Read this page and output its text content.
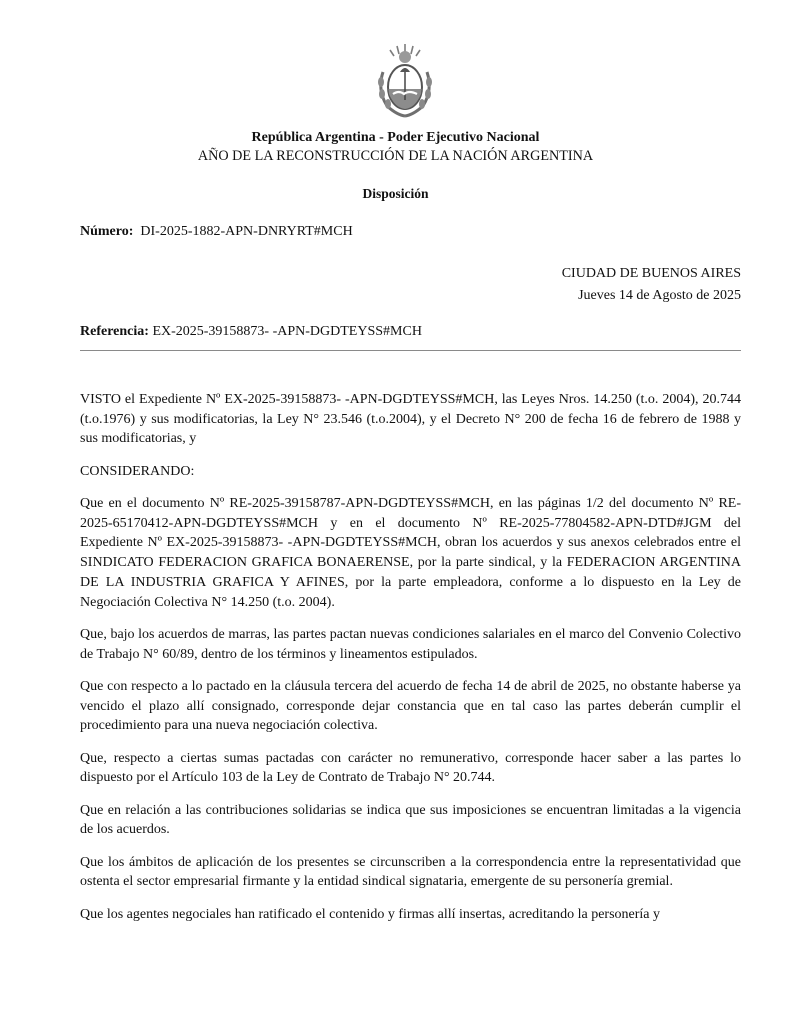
República Argentina - Poder Ejecutivo Nacional
AÑO DE LA RECONSTRUCCIÓN DE LA NACIÓN ARGENTINA
Disposición
Número: DI-2025-1882-APN-DNRYRT#MCH
CIUDAD DE BUENOS AIRES
Jueves 14 de Agosto de 2025
Referencia: EX-2025-39158873- -APN-DGDTEYSS#MCH

VISTO el Expediente Nº EX-2025-39158873- -APN-DGDTEYSS#MCH, las Leyes Nros. 14.250 (t.o. 2004), 20.744 (t.o.1976) y sus modificatorias, la Ley N° 23.546 (t.o.2004), y el Decreto N° 200 de fecha 16 de febrero de 1988 y sus modificatorias, y

CONSIDERANDO:

Que en el documento Nº RE-2025-39158787-APN-DGDTEYSS#MCH, en las páginas 1/2 del documento Nº RE-2025-65170412-APN-DGDTEYSS#MCH y en el documento Nº RE-2025-77804582-APN-DTD#JGM del Expediente Nº EX-2025-39158873- -APN-DGDTEYSS#MCH, obran los acuerdos y sus anexos celebrados entre el SINDICATO FEDERACION GRAFICA BONAERENSE, por la parte sindical, y la FEDERACION ARGENTINA DE LA INDUSTRIA GRAFICA Y AFINES, por la parte empleadora, conforme a lo dispuesto en la Ley de Negociación Colectiva N° 14.250 (t.o. 2004).

Que, bajo los acuerdos de marras, las partes pactan nuevas condiciones salariales en el marco del Convenio Colectivo de Trabajo N° 60/89, dentro de los términos y lineamentos estipulados.

Que con respecto a lo pactado en la cláusula tercera del acuerdo de fecha 14 de abril de 2025, no obstante haberse ya vencido el plazo allí consignado, corresponde dejar constancia que en tal caso las partes deberán cumplir el procedimiento para una nueva negociación colectiva.

Que, respecto a ciertas sumas pactadas con carácter no remunerativo, corresponde hacer saber a las partes lo dispuesto por el Artículo 103 de la Ley de Contrato de Trabajo N° 20.744.

Que en relación a las contribuciones solidarias se indica que sus imposiciones se encuentran limitadas a la vigencia de los acuerdos.

Que los ámbitos de aplicación de los presentes se circunscriben a la correspondencia entre la representatividad que ostenta el sector empresarial firmante y la entidad sindical signataria, emergente de su personería gremial.

Que los agentes negociales han ratificado el contenido y firmas allí insertas, acreditando la personería y
